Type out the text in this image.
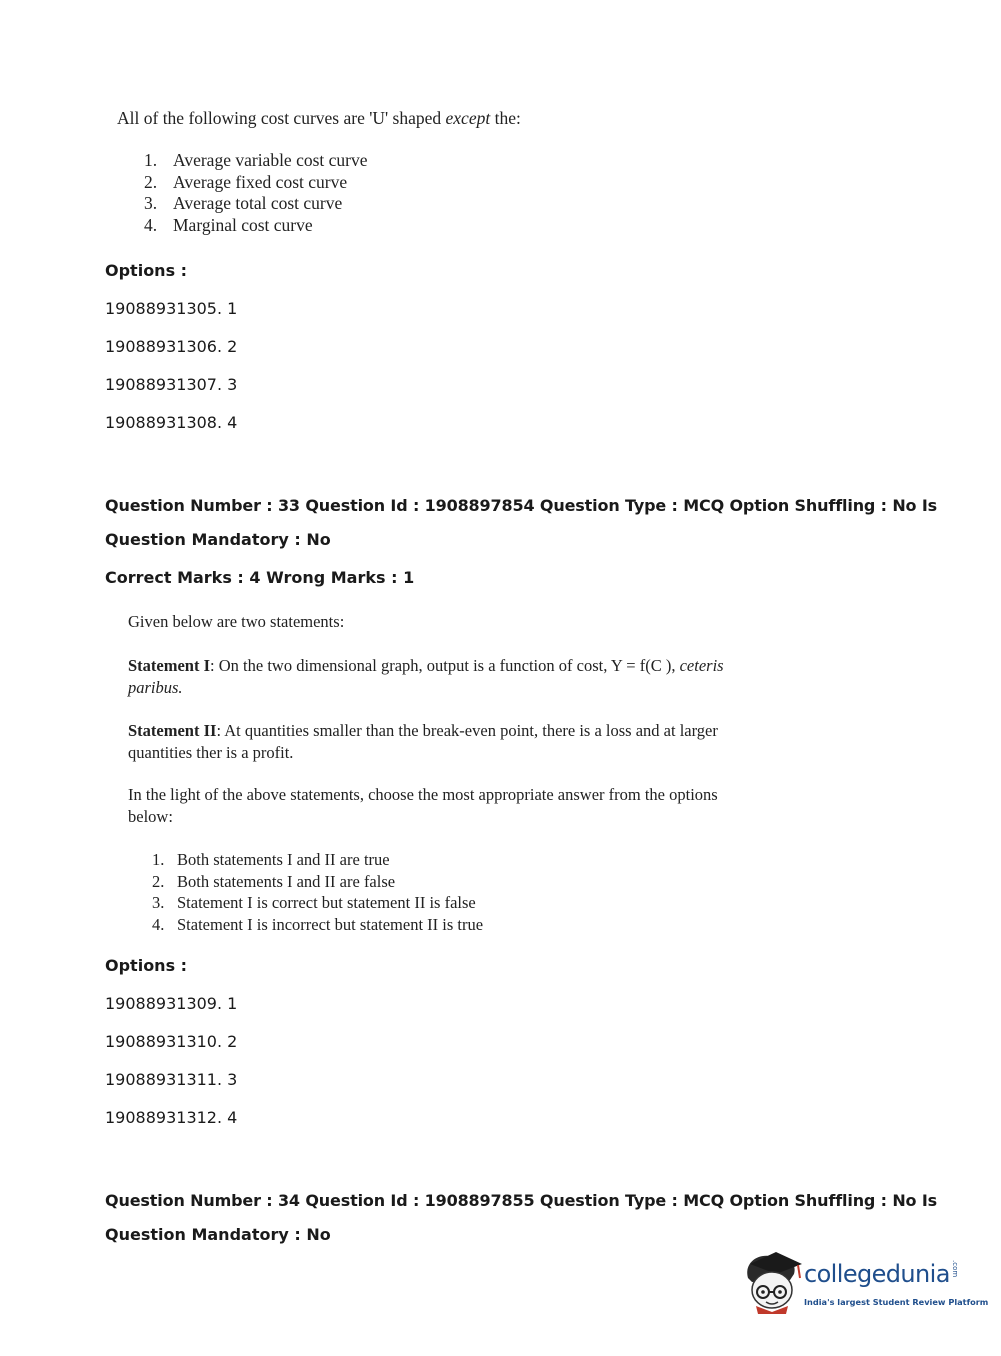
All of the following cost curves are 'U' shaped except the:
1. Average variable cost curve
2. Average fixed cost curve
3. Average total cost curve
4. Marginal cost curve
Options :
19088931305. 1
19088931306. 2
19088931307. 3
19088931308. 4
Question Number : 33 Question Id : 1908897854 Question Type : MCQ Option Shuffling : No Is
Question Mandatory : No
Correct Marks : 4 Wrong Marks : 1
Given below are two statements:
Statement I: On the two dimensional graph, output is a function of cost, Y = f(C ), ceteris
paribus.
Statement II: At quantities smaller than the break-even point, there is a loss and at larger
quantities ther is a profit.
In the light of the above statements, choose the most appropriate answer from the options
below:
1. Both statements I and II are true
2. Both statements I and II are false
3. Statement I is correct but statement II is false
4. Statement I is incorrect but statement II is true
Options :
19088931309. 1
19088931310. 2
19088931311. 3
19088931312. 4
Question Number : 34 Question Id : 1908897855 Question Type : MCQ Option Shuffling : No Is
Question Mandatory : No
collegedunia.com
India's largest Student Review Platform
